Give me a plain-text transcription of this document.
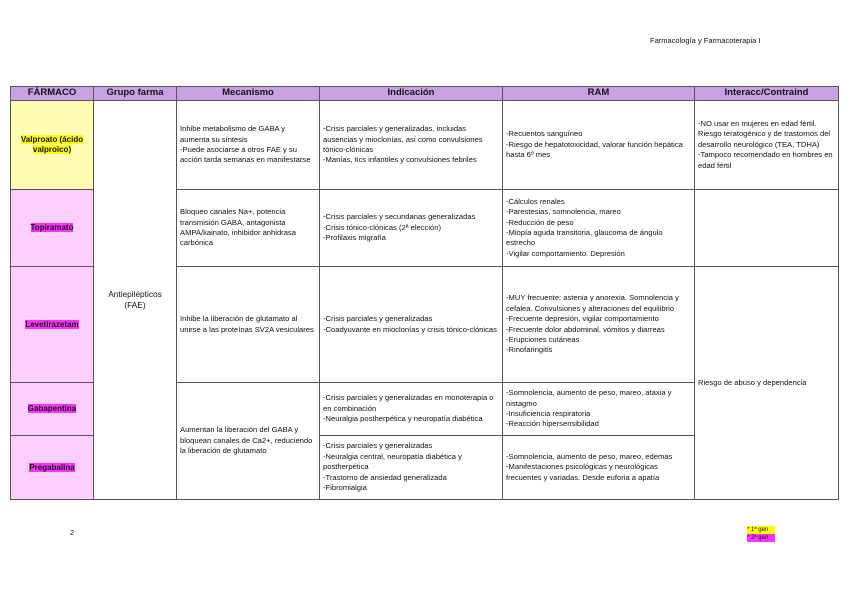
Farmacología y Farmacoterapia I
FÁRMACO	Grupo farma	Mecanismo	Indicación	RAM	Interacc/Contraind
Valproato (ácido valproico)	Antiepilépticos (FAE)	Inhibe metabolismo de GABA y aumenta su síntesis
-Puede asociarse a otros FAE y su acción tarda semanas en manifestarse	-Crisis parciales y generalizadas, incluidas ausencias y mioclonías, así como convulsiones tónico-clónicas
-Manías, tics infantiles y convulsiones febriles	-Recuentos sanguíneo
-Riesgo de hepatotoxicidad, valorar función hepática hasta 6º mes	-NO usar en mujeres en edad fértil. Riesgo teratogénico y de trastornos del desarrollo neurológico (TEA, TDHA)
-Tampoco recomendado en hombres en edad fértil
Topiramato		Bloqueo canales Na+, potencia transmisión GABA, antagonista AMPA/kainato, inhibidor anhidrasa carbónica	-Crisis parciales y secundarias generalizadas
-Crisis tónico-clónicas (2ª elección)
-Profilaxis migraña	-Cálculos renales
-Parestesias, somnolencia, mareo
-Reducción de peso
-Miopía aguda transitoria, glaucoma de ángulo estrecho
-Vigilar comportamiento. Depresión	
Levetirazetam		Inhibe la liberación de glutamato al unirse a las proteínas SV2A vesiculares	-Crisis parciales y generalizadas
-Coadyuvante en mioclonías y crisis tónico-clónicas	-MUY frecuente: astenia y anorexia. Somnolencia y cefalea. Convulsiones y alteraciones del equilibrio
-Frecuente depresión, vigilar comportamiento
-Frecuente dolor abdominal, vómitos y diarreas
-Erupciones cutáneas
-Rinofaringitis	Riesgo de abuso y dependencia
Gabapentina		Aumentan la liberación del GABA y bloquean canales de Ca2+, reduciendo la liberación de glutamato	-Crisis parciales y generalizadas en monoterapia o en combinación
-Neuralgia postherpética y neuropatía diabética	-Somnolencia, aumento de peso, mareo, ataxia y nistagmo
-Insuficiencia respiratoria
-Reacción hipersensibilidad	
Pregabalina			-Crisis parciales y generalizadas
-Neuralgia central, neuropatía diabética y postherpética
-Trastorno de ansiedad generalizada
-Fibromialgia	-Somnolencia, aumento de peso, mareo, edemas
-Manifestaciones psicológicas y neurológicas frecuentes y variadas. Desde euforia a apatía	
2	* 1ª gen
* 2ª gen
